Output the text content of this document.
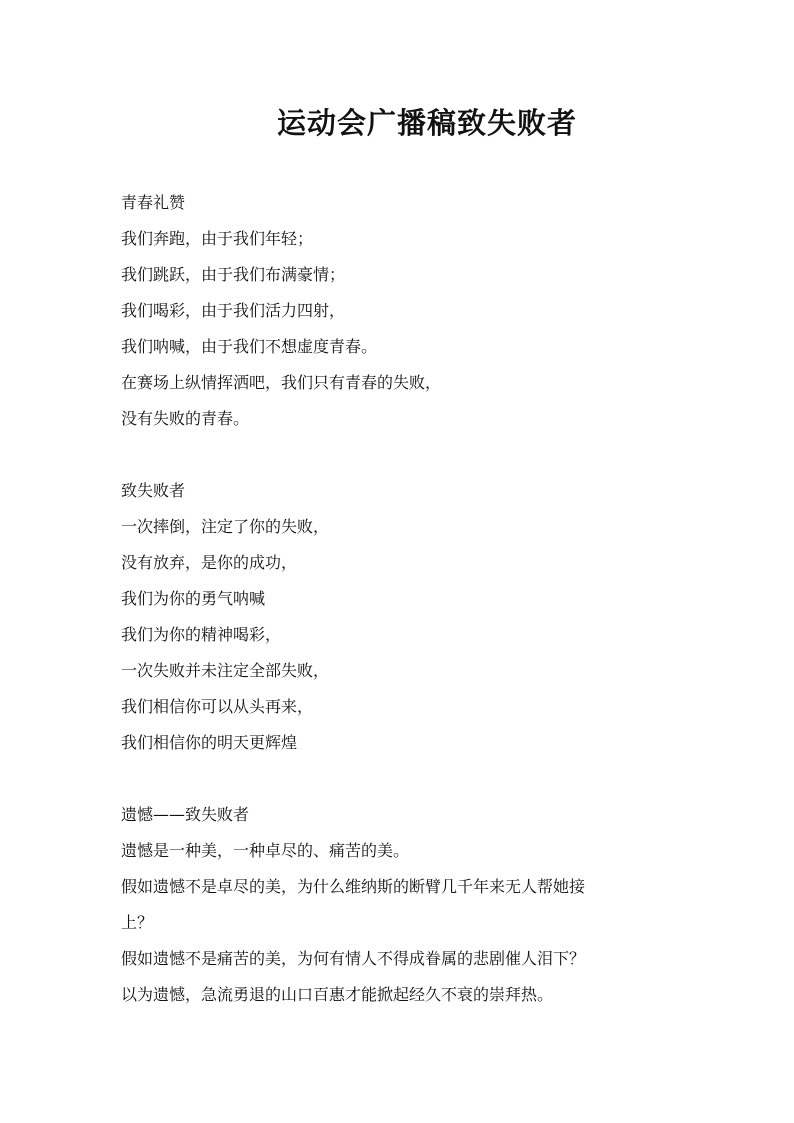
运动会广播稿致失败者

青春礼赞

我们奔跑，由于我们年轻；

我们跳跃，由于我们布满豪情；

我们喝彩，由于我们活力四射，

我们呐喊，由于我们不想虚度青春。

在赛场上纵情挥洒吧，我们只有青春的失败，

没有失败的青春。

致失败者

一次摔倒，注定了你的失败，

没有放弃，是你的成功，

我们为你的勇气呐喊

我们为你的精神喝彩，

一次失败并未注定全部失败，

我们相信你可以从头再来，

我们相信你的明天更辉煌

遗憾——致失败者

遗憾是一种美，一种卓尽的、痛苦的美。

假如遗憾不是卓尽的美，为什么维纳斯的断臂几千年来无人帮她接

上？

假如遗憾不是痛苦的美，为何有情人不得成眷属的悲剧催人泪下？

以为遗憾，急流勇退的山口百惠才能掀起经久不衰的崇拜热。
